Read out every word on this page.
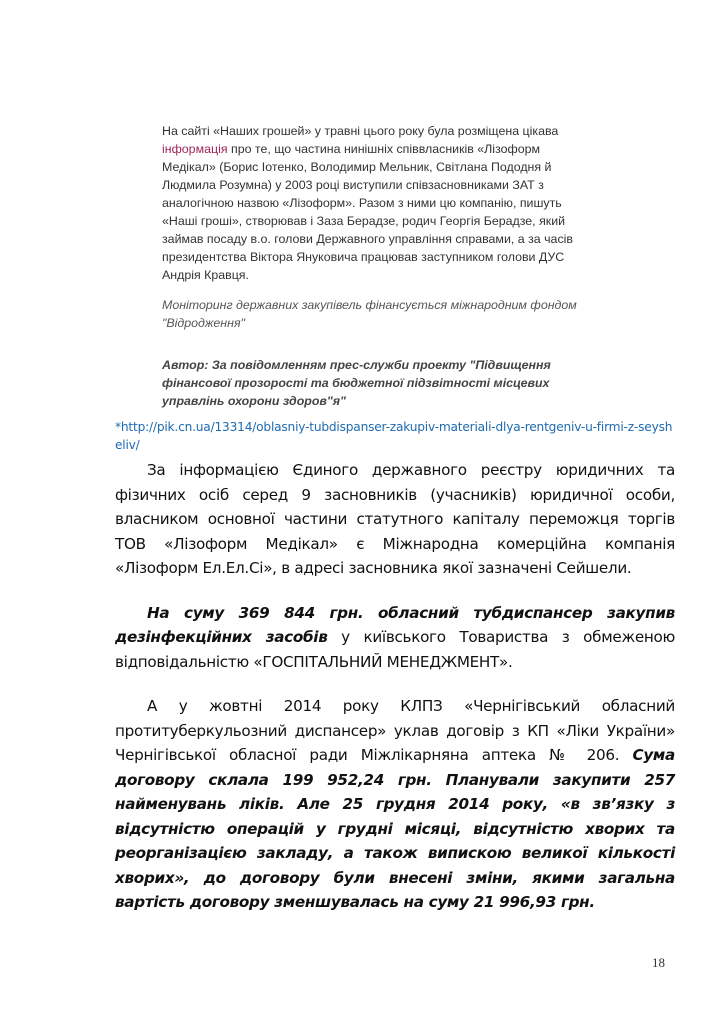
На сайті «Наших грошей» у травні цього року була розміщена цікава інформація про те, що частина нинішніх співвласників «Лізоформ Медікал» (Борис Іотенко, Володимир Мельник, Світлана Пододня й Людмила Розумна) у 2003 році виступили співзасновниками ЗАТ з аналогічною назвою «Лізоформ». Разом з ними цю компанію, пишуть «Наші гроші», створював і Заза Берадзе, родич Георгія Берадзе, який займав посаду в.о. голови Державного управління справами, а за часів президентства Віктора Януковича працював заступником голови ДУС Андрія Кравця.

Моніторинг державних закупівель фінансується міжнародним фондом "Відродження"

Автор: За повідомленням прес-служби проекту "Підвищення фінансової прозорості та бюджетної підзвітності місцевих управлінь охорони здоров"я"

*http://pik.cn.ua/13314/oblasniy-tubdispanser-zakupiv-materiali-dlya-rentgeniv-u-firmi-z-seysheliv/

За інформацією Єдиного державного реєстру юридичних та фізичних осіб серед 9 засновників (учасників) юридичної особи, власником основної частини статутного капіталу переможця торгів ТОВ «Лізоформ Медікал» є Міжнародна комерційна компанія «Лізоформ Ел.Ел.Сі», в адресі засновника якої зазначені Сейшели.

На суму 369 844 грн. обласний тубдиспансер закупив дезінфекційних засобів у київського Товариства з обмеженою відповідальністю «ГОСПІТАЛЬНИЙ МЕНЕДЖМЕНТ».

А у жовтні 2014 року КЛПЗ «Чернігівський обласний протитуберкульозний диспансер» уклав договір з КП «Ліки України» Чернігівської обласної ради Міжлікарняна аптека № 206. Сума договору склала 199 952,24 грн. Планували закупити 257 найменувань ліків. Але 25 грудня 2014 року, «в зв’язку з відсутністю операцій у грудні місяці, відсутністю хворих та реорганізацією закладу, а також випискою великої кількості хворих», до договору були внесені зміни, якими загальна вартість договору зменшувалась на суму 21 996,93 грн.

18
